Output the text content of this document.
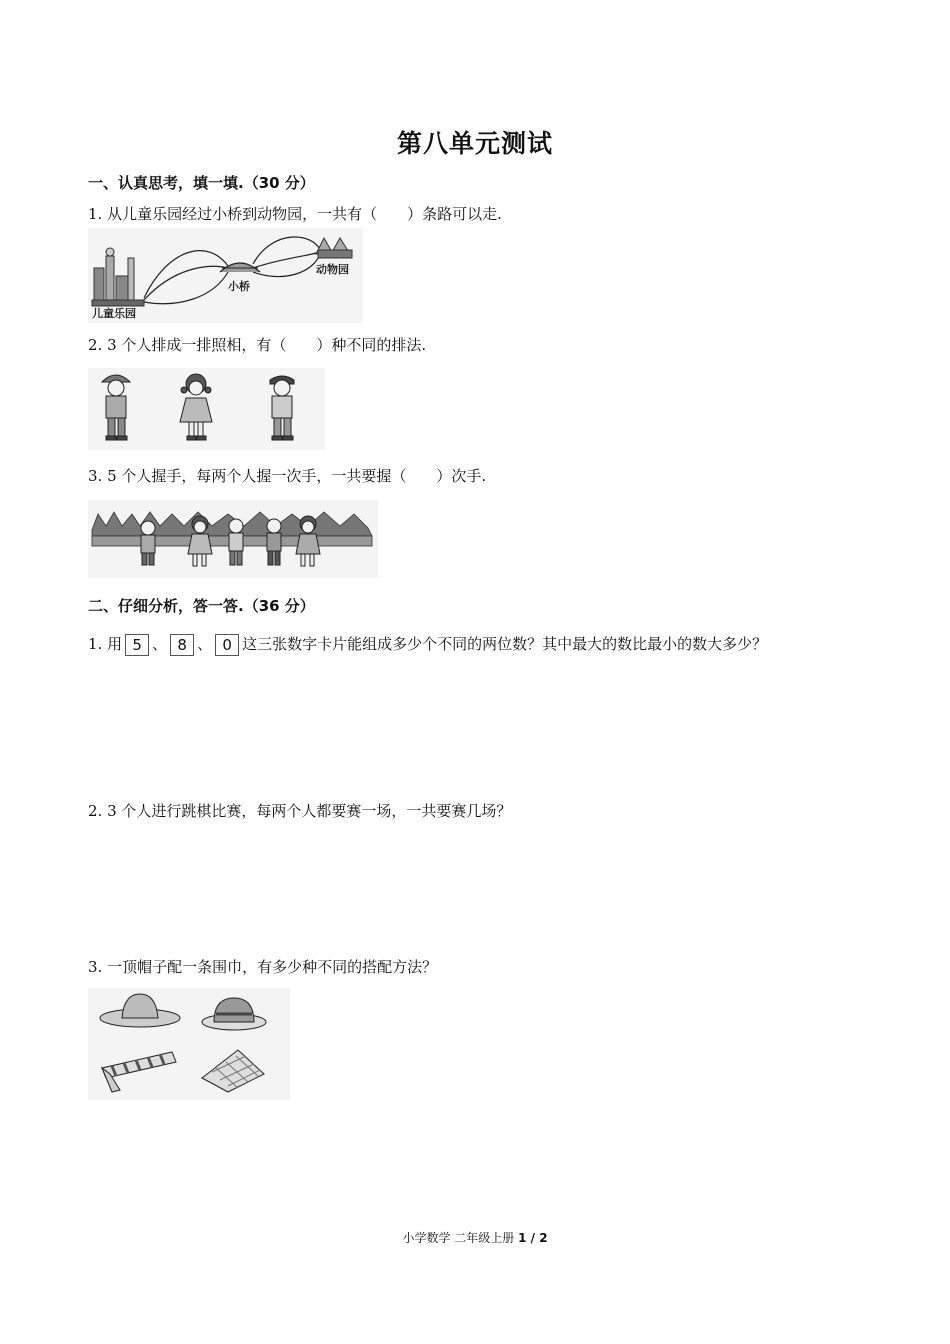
第八单元测试
一、认真思考，填一填.（30 分）
1. 从儿童乐园经过小桥到动物园，一共有（　　）条路可以走.
儿童乐园
小桥
动物园
2. 3 个人排成一排照相，有（　　）种不同的排法.
3. 5 个人握手，每两个人握一次手，一共要握（　　）次手.
二、仔细分析，答一答.（36 分）
1. 用 5 、 8 、 0 这三张数字卡片能组成多少个不同的两位数？其中最大的数比最小的数大多少？
2. 3 个人进行跳棋比赛，每两个人都要赛一场，一共要赛几场？
3. 一顶帽子配一条围巾，有多少种不同的搭配方法？
小学数学 二年级上册 1 / 2
